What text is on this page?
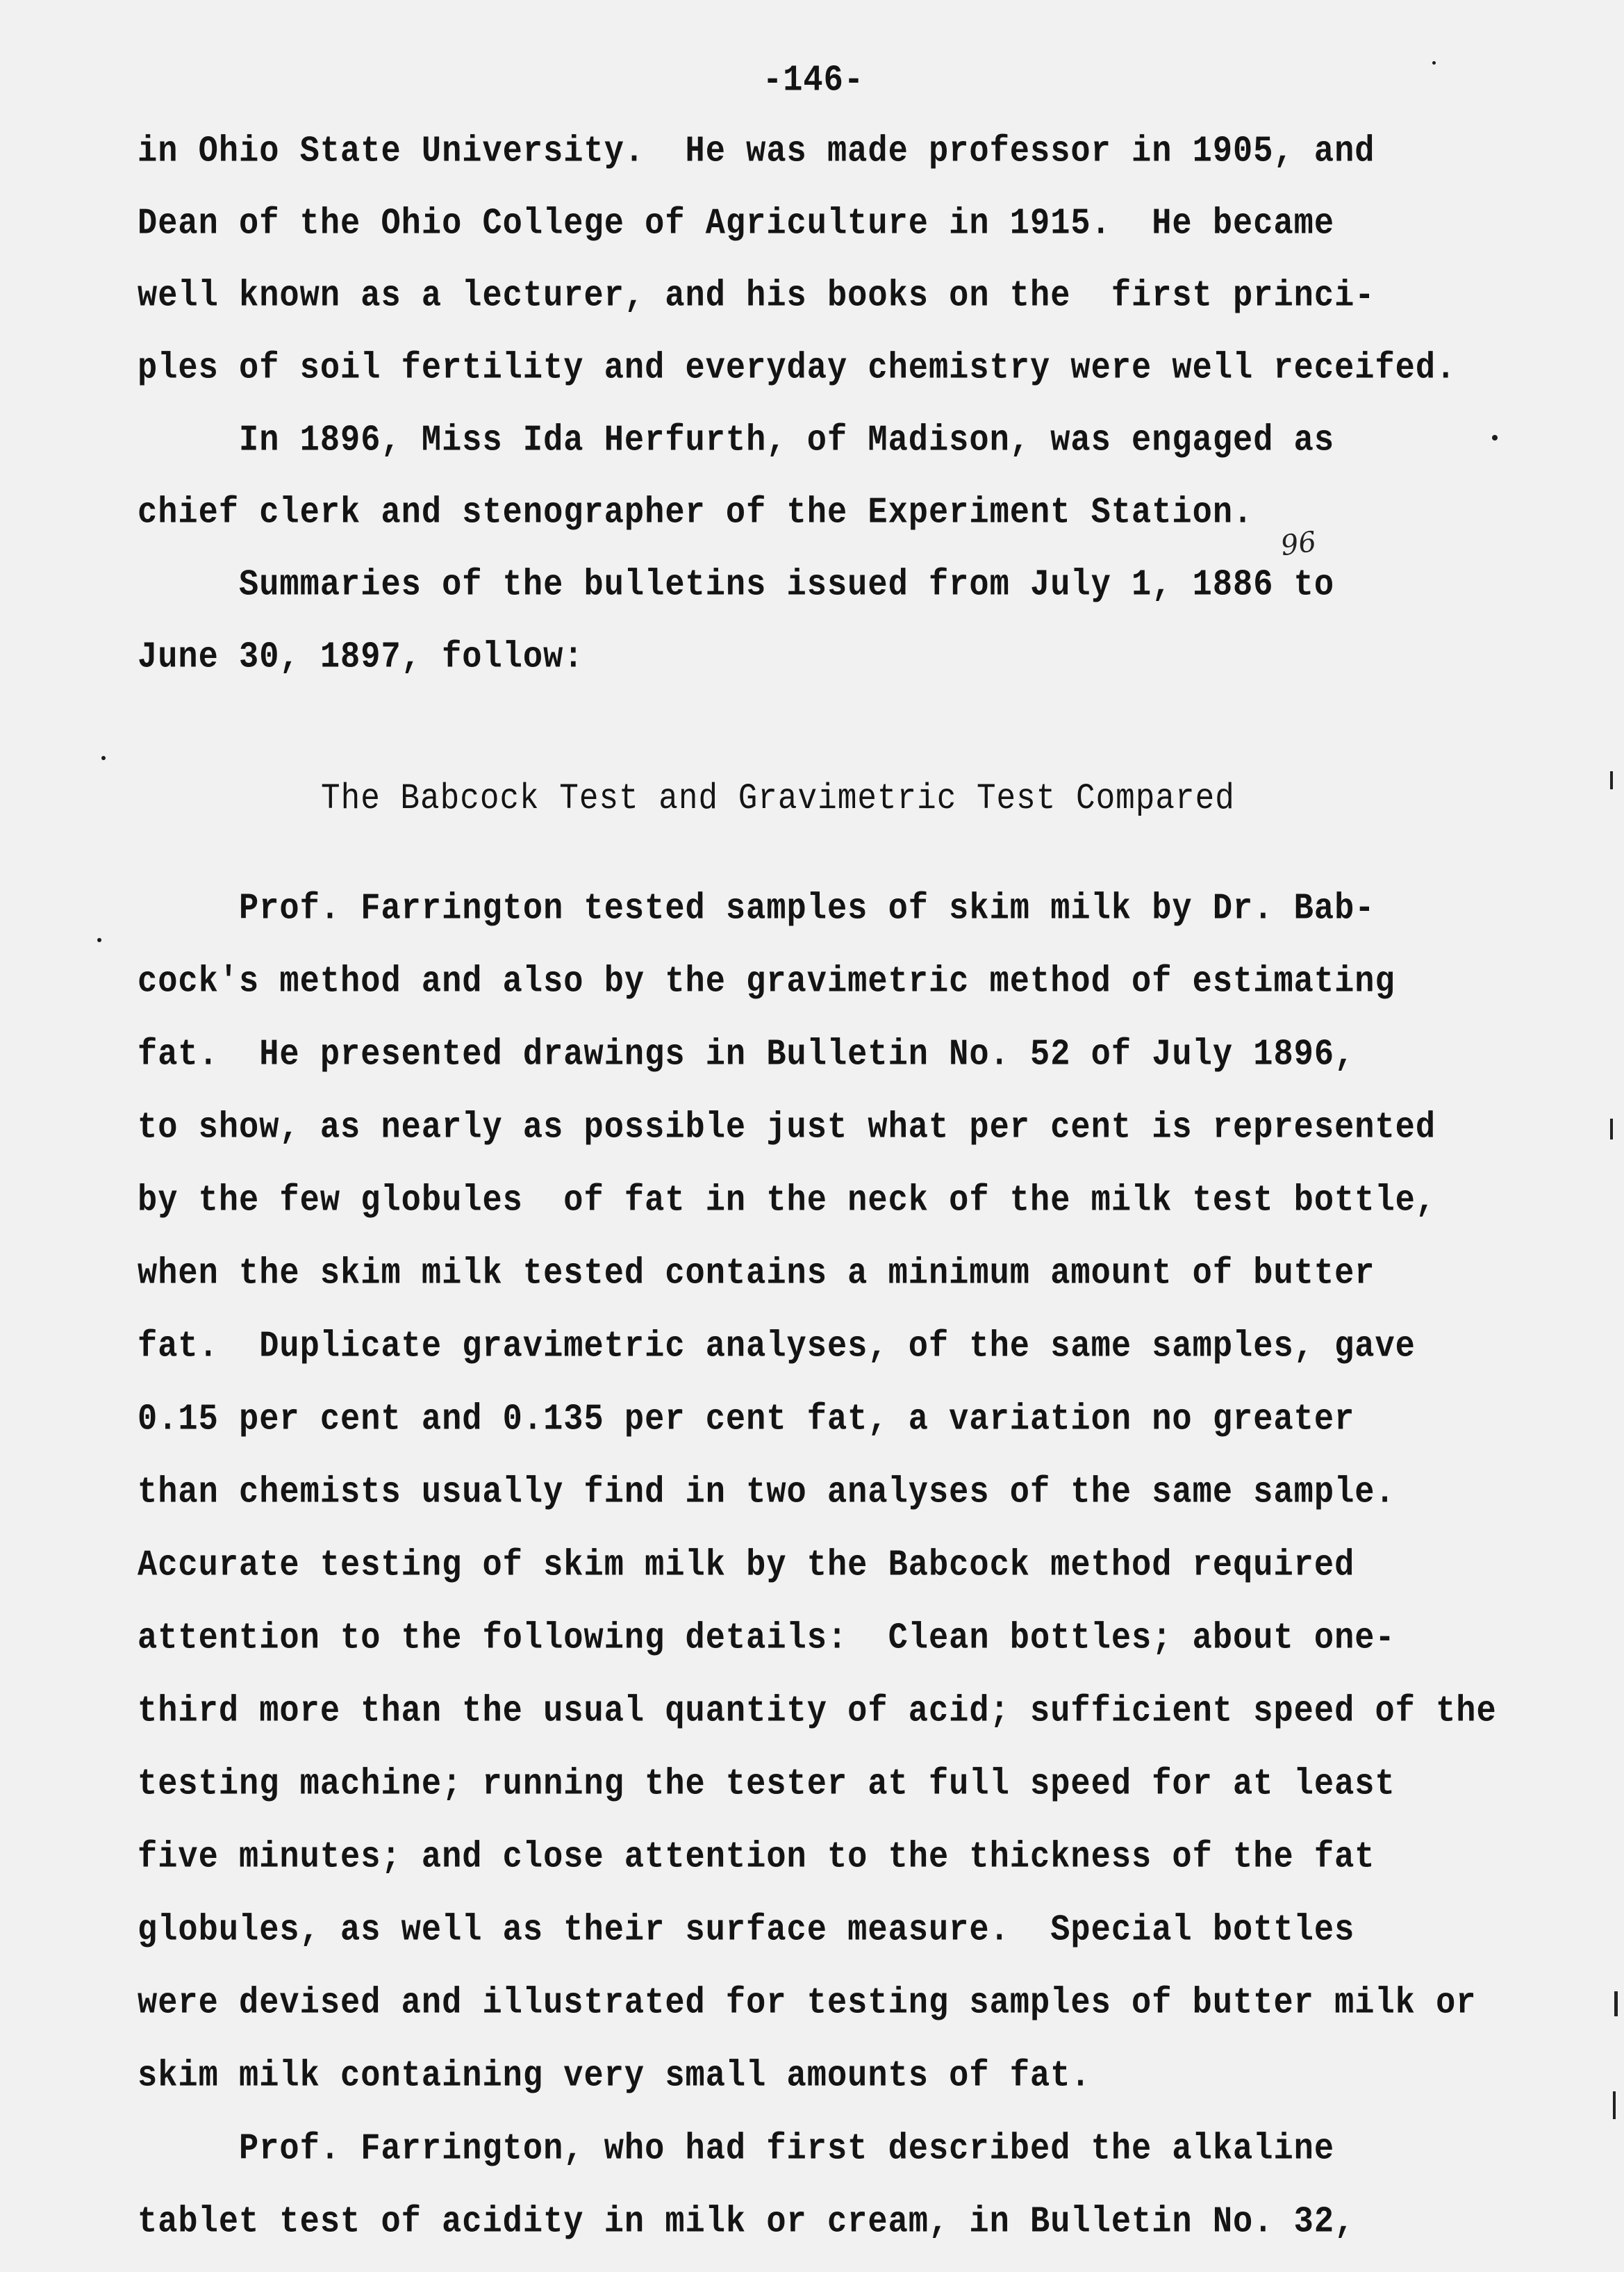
-146-
in Ohio State University.  He was made professor in 1905, and
Dean of the Ohio College of Agriculture in 1915.  He became
well known as a lecturer, and his books on the  first princi-
ples of soil fertility and everyday chemistry were well receifed.
In 1896, Miss Ida Herfurth, of Madison, was engaged as
chief clerk and stenographer of the Experiment Station.
Summaries of the bulletins issued from July 1, 1886 to
June 30, 1897, follow:
96
The Babcock Test and Gravimetric Test Compared
Prof. Farrington tested samples of skim milk by Dr. Bab-
cock's method and also by the gravimetric method of estimating
fat.  He presented drawings in Bulletin No. 52 of July 1896,
to show, as nearly as possible just what per cent is represented
by the few globules  of fat in the neck of the milk test bottle,
when the skim milk tested contains a minimum amount of butter
fat.  Duplicate gravimetric analyses, of the same samples, gave
0.15 per cent and 0.135 per cent fat, a variation no greater
than chemists usually find in two analyses of the same sample.
Accurate testing of skim milk by the Babcock method required
attention to the following details:  Clean bottles; about one-
third more than the usual quantity of acid; sufficient speed of the
testing machine; running the tester at full speed for at least
five minutes; and close attention to the thickness of the fat
globules, as well as their surface measure.  Special bottles
were devised and illustrated for testing samples of butter milk or
skim milk containing very small amounts of fat.
Prof. Farrington, who had first described the alkaline
tablet test of acidity in milk or cream, in Bulletin No. 32,
